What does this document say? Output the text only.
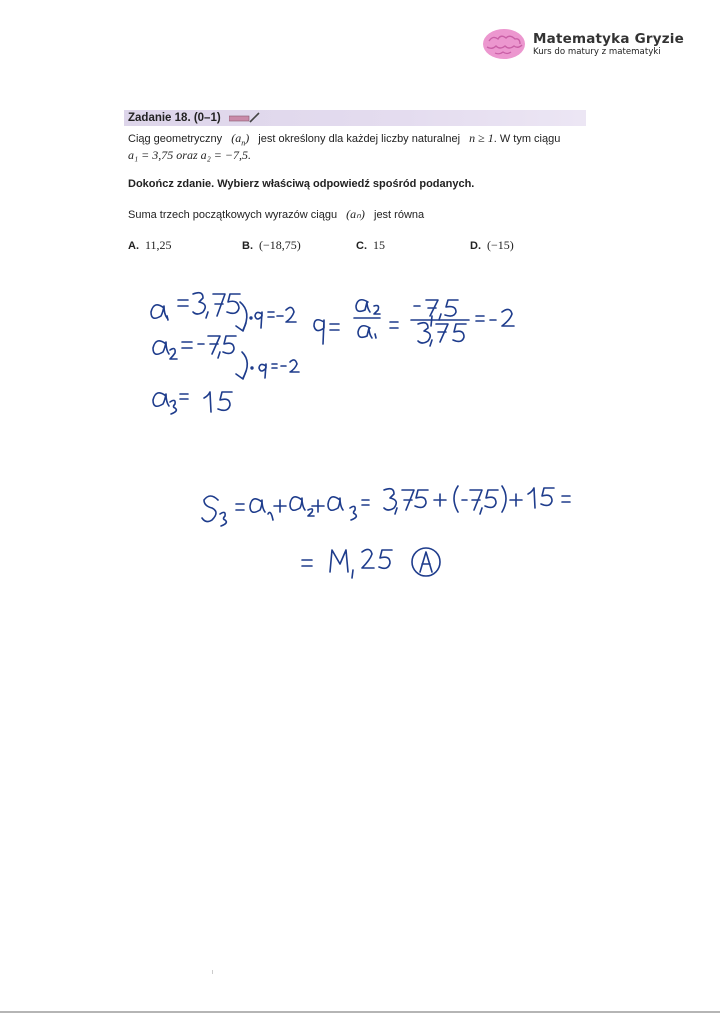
Matematyka Gryzie
Kurs do matury z matematyki
Zadanie 18. (0–1)
Ciąg geometryczny $(a_n)$ jest określony dla każdej liczby naturalnej n ≥ 1. W tym ciągu
a₁ = 3,75 oraz a₂ = −7,5.
Dokończ zdanie. Wybierz właściwą odpowiedź spośród podanych.
Suma trzech początkowych wyrazów ciągu (aₙ) jest równa
A. 11,25	B. (−18,75)	C. 15	D. (−15)
